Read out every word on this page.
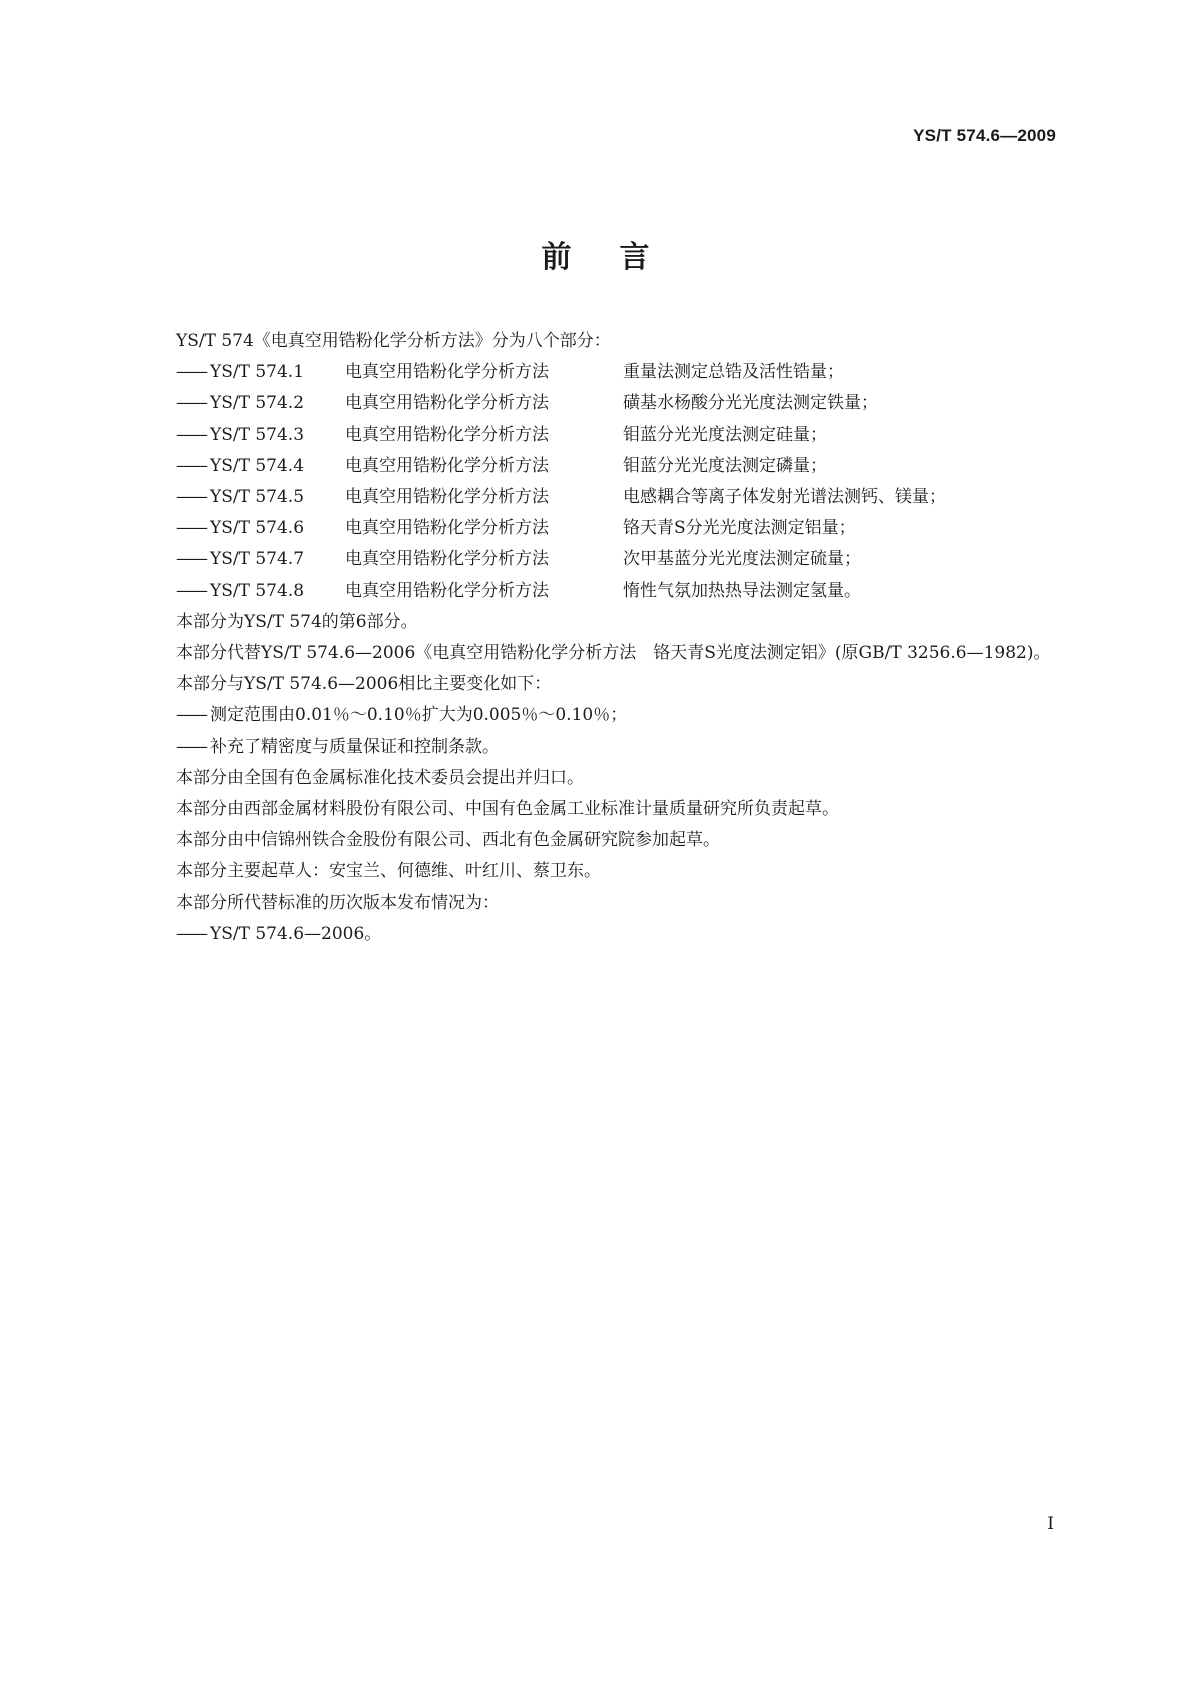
YS/T 574.6—2009
前言
YS/T 574《电真空用锆粉化学分析方法》分为八个部分：
—— YS/T 574.1 电真空用锆粉化学分析方法	重量法测定总锆及活性锆量；
—— YS/T 574.2 电真空用锆粉化学分析方法	磺基水杨酸分光光度法测定铁量；
—— YS/T 574.3 电真空用锆粉化学分析方法	钼蓝分光光度法测定硅量；
—— YS/T 574.4 电真空用锆粉化学分析方法	钼蓝分光光度法测定磷量；
—— YS/T 574.5 电真空用锆粉化学分析方法	电感耦合等离子体发射光谱法测钙、镁量；
—— YS/T 574.6 电真空用锆粉化学分析方法	铬天青S分光光度法测定铝量；
—— YS/T 574.7 电真空用锆粉化学分析方法	次甲基蓝分光光度法测定硫量；
—— YS/T 574.8 电真空用锆粉化学分析方法	惰性气氛加热热导法测定氢量。
本部分为YS/T 574的第6部分。
本部分代替YS/T 574.6—2006《电真空用锆粉化学分析方法　铬天青S光度法测定铝》(原GB/T 3256.6—1982)。
本部分与YS/T 574.6—2006相比主要变化如下：
—— 测定范围由0.01％～0.10％扩大为0.005％～0.10％；
—— 补充了精密度与质量保证和控制条款。
本部分由全国有色金属标准化技术委员会提出并归口。
本部分由西部金属材料股份有限公司、中国有色金属工业标准计量质量研究所负责起草。
本部分由中信锦州铁合金股份有限公司、西北有色金属研究院参加起草。
本部分主要起草人：安宝兰、何德维、叶红川、蔡卫东。
本部分所代替标准的历次版本发布情况为：
—— YS/T 574.6—2006。
I
